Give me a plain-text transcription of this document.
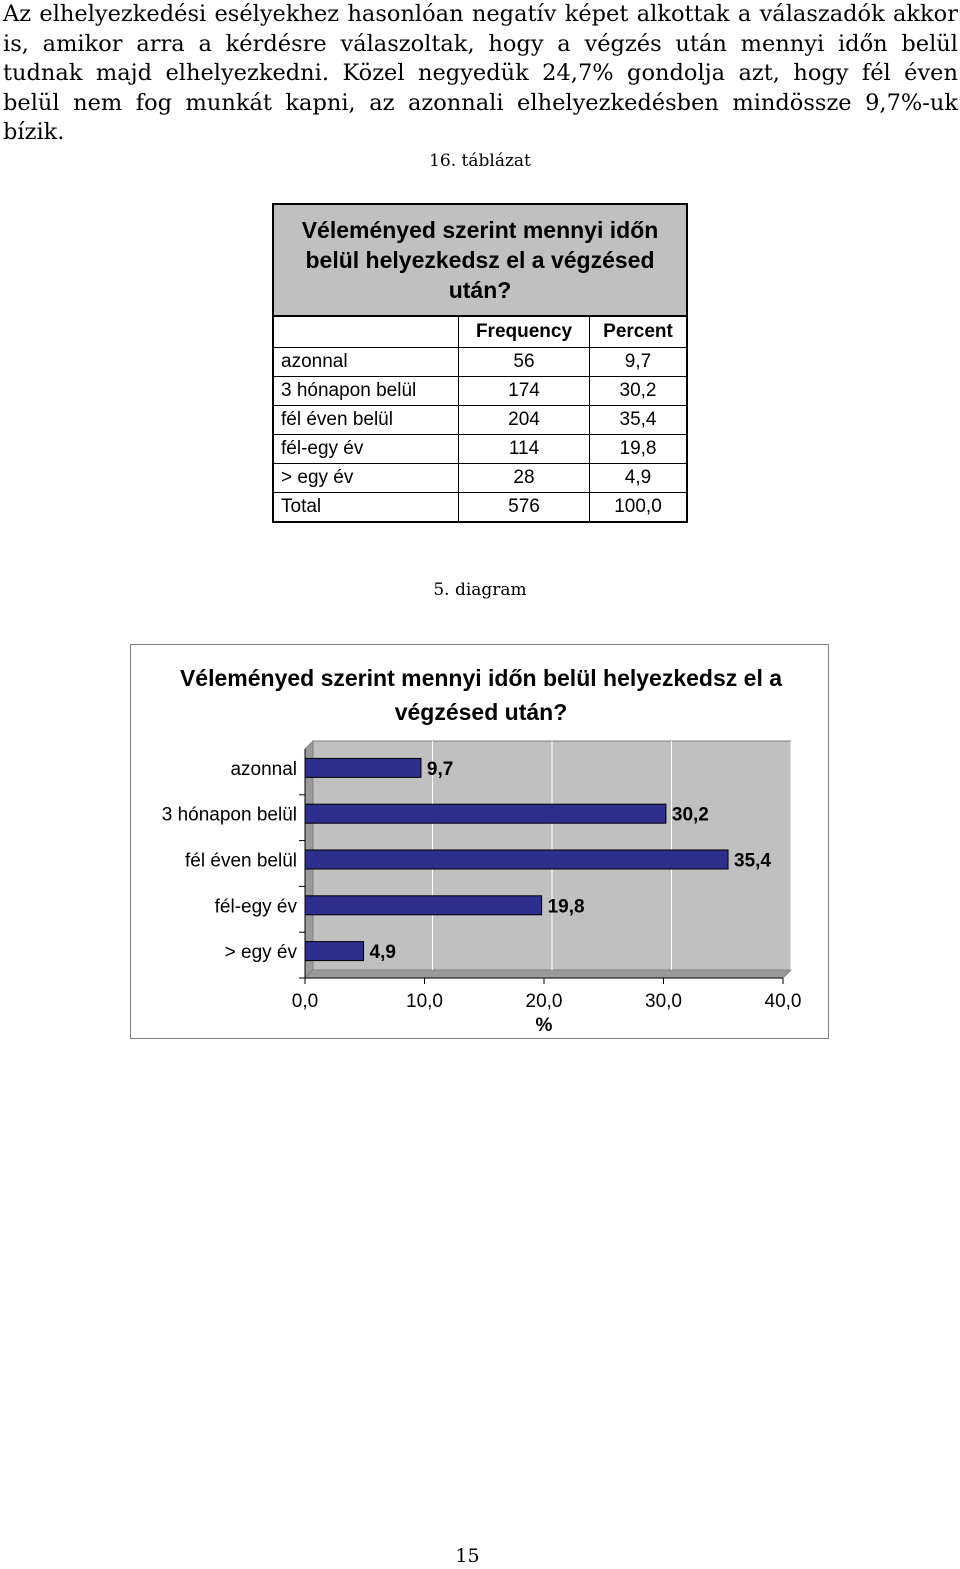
Az elhelyezkedési esélyekhez hasonlóan negatív képet alkottak a válaszadók akkor is, amikor arra a kérdésre válaszoltak, hogy a végzés után mennyi időn belül tudnak majd elhelyezkedni. Közel negyedük 24,7% gondolja azt, hogy fél éven belül nem fog munkát kapni, az azonnali elhelyezkedésben mindössze 9,7%-uk bízik.
16. táblázat
Véleményed szerint mennyi időn belül helyezkedsz el a végzésed után?		
	Frequency	Percent
azonnal	56	9,7
3 hónapon belül	174	30,2
fél éven belül	204	35,4
fél-egy év	114	19,8
> egy év	28	4,9
Total	576	100,0
5. diagram
Véleményed szerint mennyi időn belül helyezkedsz el a végzésed után?
0,0	10,0	20,0	30,0	40,0
%
azonnal	9,7
3 hónapon belül	30,2
fél éven belül	35,4
fél-egy év	19,8
> egy év	4,9
15
